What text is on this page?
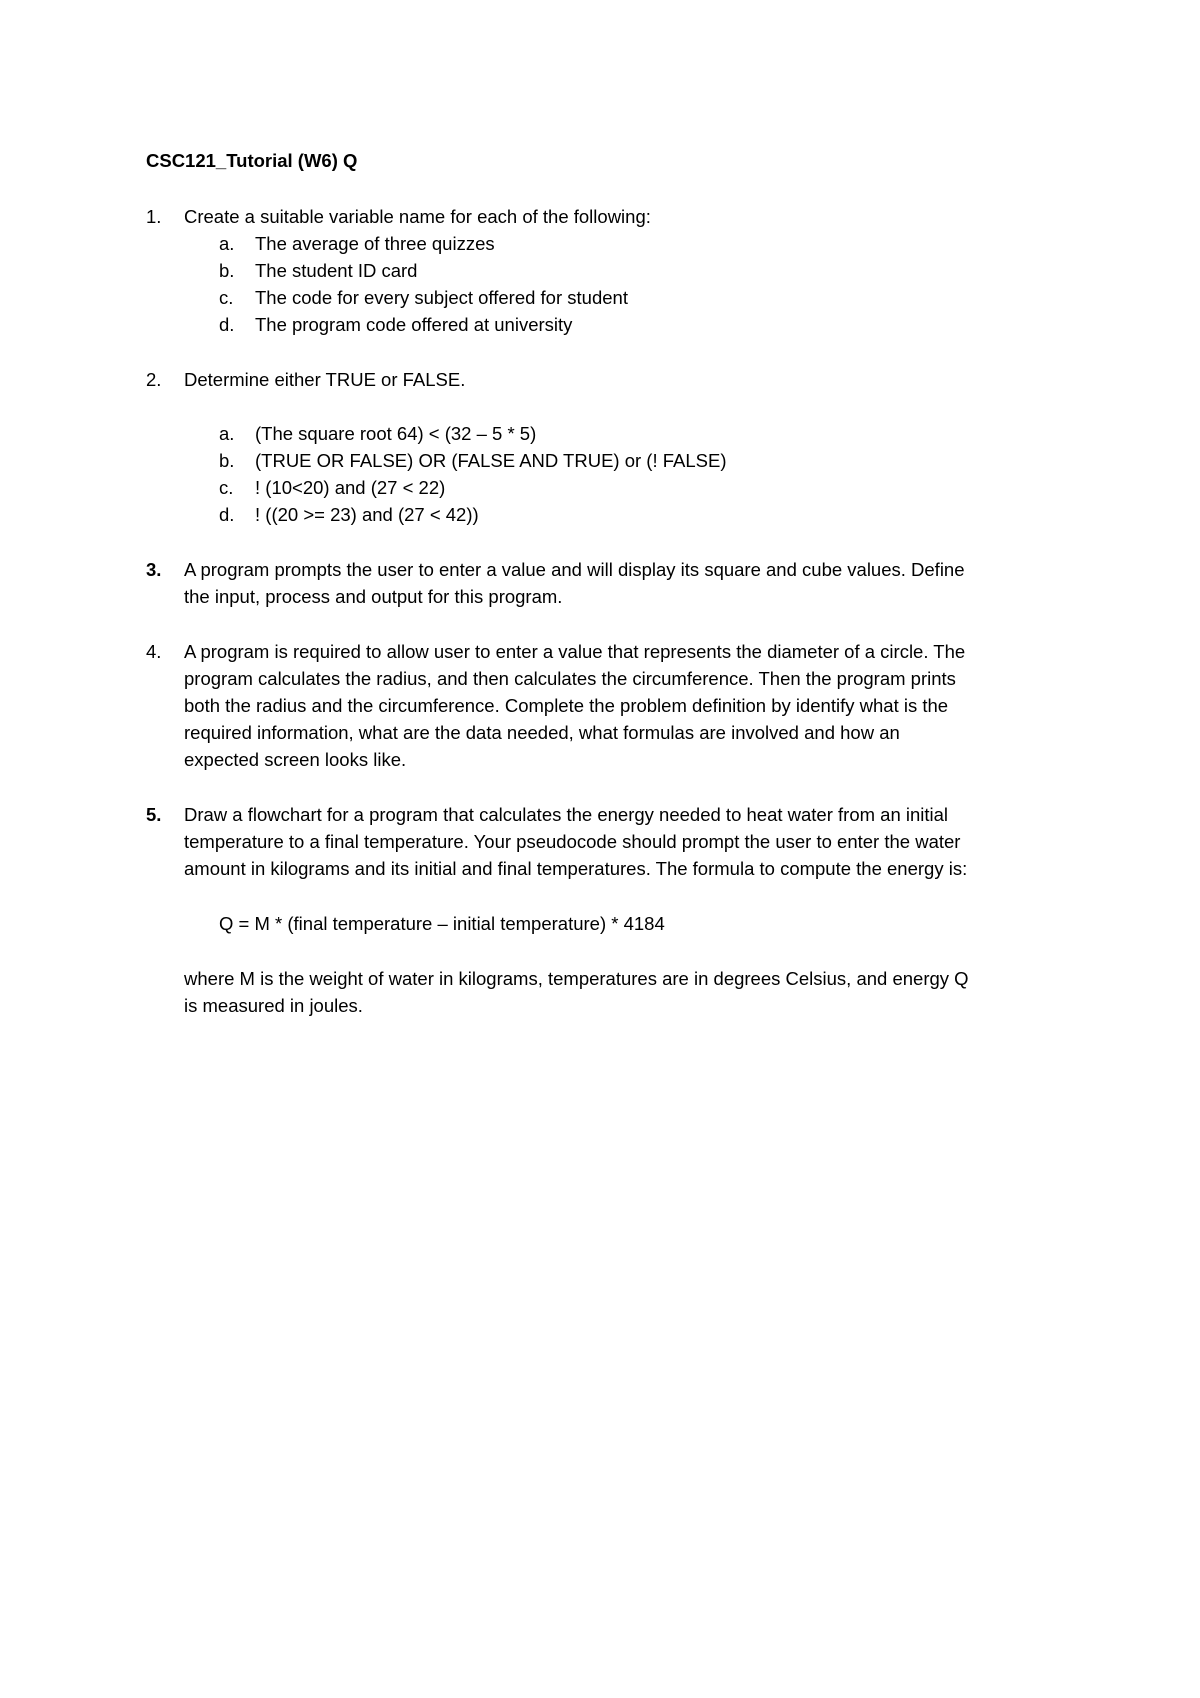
CSC121_Tutorial (W6) Q
1.	Create a suitable variable name for each of the following:
a. The average of three quizzes
b. The student ID card
c. The code for every subject offered for student
d. The program code offered at university
2.	Determine either TRUE or FALSE.
a. (The square root 64) < (32 – 5 * 5)
b. (TRUE OR FALSE) OR (FALSE AND TRUE) or (! FALSE)
c. ! (10<20) and (27 < 22)
d. ! ((20 >= 23) and (27 < 42))
3.	A program prompts the user to enter a value and will display its square and cube values. Define
the input, process and output for this program.
4.	A program is required to allow user to enter a value that represents the diameter of a circle. The
program calculates the radius, and then calculates the circumference. Then the program prints
both the radius and the circumference. Complete the problem definition by identify what is the
required information, what are the data needed, what formulas are involved and how an
expected screen looks like.
5.	Draw a flowchart for a program that calculates the energy needed to heat water from an initial
temperature to a final temperature. Your pseudocode should prompt the user to enter the water
amount in kilograms and its initial and final temperatures. The formula to compute the energy is:
Q = M * (final temperature – initial temperature) * 4184
where M is the weight of water in kilograms, temperatures are in degrees Celsius, and energy Q
is measured in joules.
